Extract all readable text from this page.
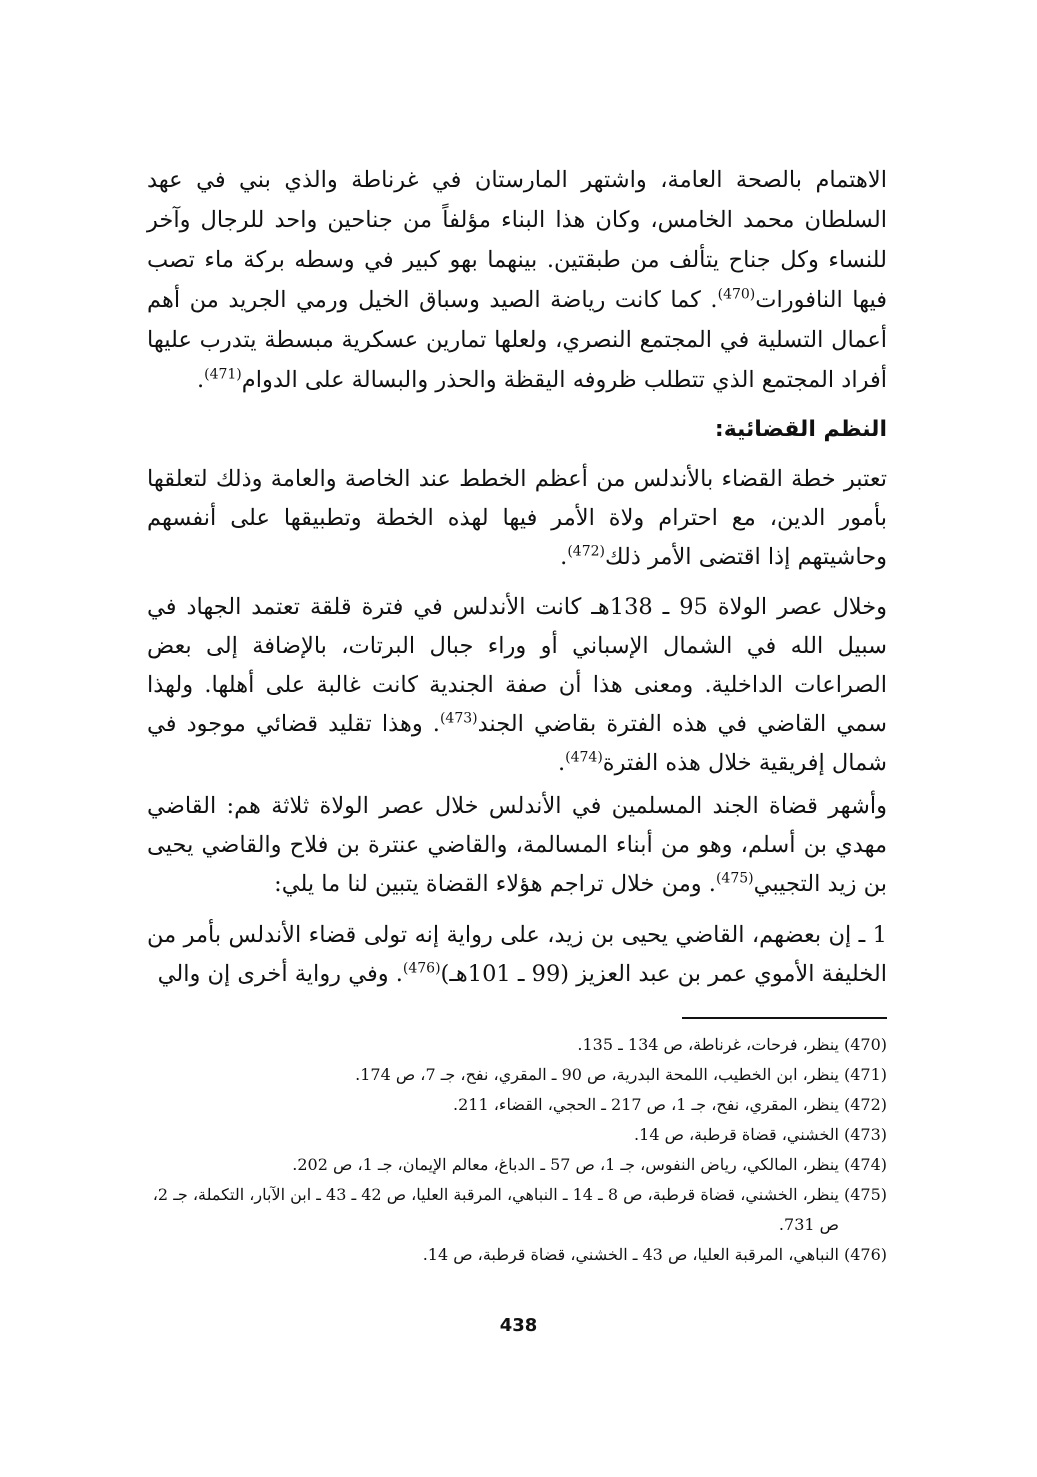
الاهتمام بالصحة العامة، واشتهر المارستان في غرناطة والذي بني في عهد السلطان محمد الخامس، وكان هذا البناء مؤلفاً من جناحين واحد للرجال وآخر للنساء وكل جناح يتألف من طبقتين. بينهما بهو كبير في وسطه بركة ماء تصب فيها النافورات$^{(470)}$. كما كانت رياضة الصيد وسباق الخيل ورمي الجريد من أهم أعمال التسلية في المجتمع النصري، ولعلها تمارين عسكرية مبسطة يتدرب عليها أفراد المجتمع الذي تتطلب ظروفه اليقظة والحذر والبسالة على الدوام$^{(471)}$.

النظم القضائية:

تعتبر خطة القضاء بالأندلس من أعظم الخطط عند الخاصة والعامة وذلك لتعلقها بأمور الدين، مع احترام ولاة الأمر فيها لهذه الخطة وتطبيقها على أنفسهم وحاشيتهم إذا اقتضى الأمر ذلك$^{(472)}$.

وخلال عصر الولاة 95 ـ 138هـ كانت الأندلس في فترة قلقة تعتمد الجهاد في سبيل الله في الشمال الإسباني أو وراء جبال البرتات، بالإضافة إلى بعض الصراعات الداخلية. ومعنى هذا أن صفة الجندية كانت غالبة على أهلها. ولهذا سمي القاضي في هذه الفترة بقاضي الجند$^{(473)}$. وهذا تقليد قضائي موجود في شمال إفريقية خلال هذه الفترة$^{(474)}$.

وأشهر قضاة الجند المسلمين في الأندلس خلال عصر الولاة ثلاثة هم: القاضي مهدي بن أسلم، وهو من أبناء المسالمة، والقاضي عنترة بن فلاح والقاضي يحيى بن زيد التجيبي$^{(475)}$. ومن خلال تراجم هؤلاء القضاة يتبين لنا ما يلي:

1 ـ إن بعضهم، القاضي يحيى بن زيد، على رواية إنه تولى قضاء الأندلس بأمر من الخليفة الأموي عمر بن عبد العزيز (99 ـ 101هـ)$^{(476)}$. وفي رواية أخرى إن والي

(470)
ينظر، فرحات، غرناطة، ص 134 ـ 135.

(471)
ينظر، ابن الخطيب، اللمحة البدرية، ص 90 ـ المقري، نفح، جـ 7، ص 174.

(472)
ينظر، المقري، نفح، جـ 1، ص 217 ـ الحجي، القضاء، 211.

(473)
الخشني، قضاة قرطبة، ص 14.

(474)
ينظر، المالكي، رياض النفوس، جـ 1، ص 57 ـ الدباغ، معالم الإيمان، جـ 1، ص 202.

(475)
ينظر، الخشني، قضاة قرطبة، ص 8 ـ 14 ـ النباهي، المرقبة العليا، ص 42 ـ 43 ـ ابن الآبار، التكملة، جـ 2، ص 731.

(476)
النباهي، المرقبة العليا، ص 43 ـ الخشني، قضاة قرطبة، ص 14.

438
